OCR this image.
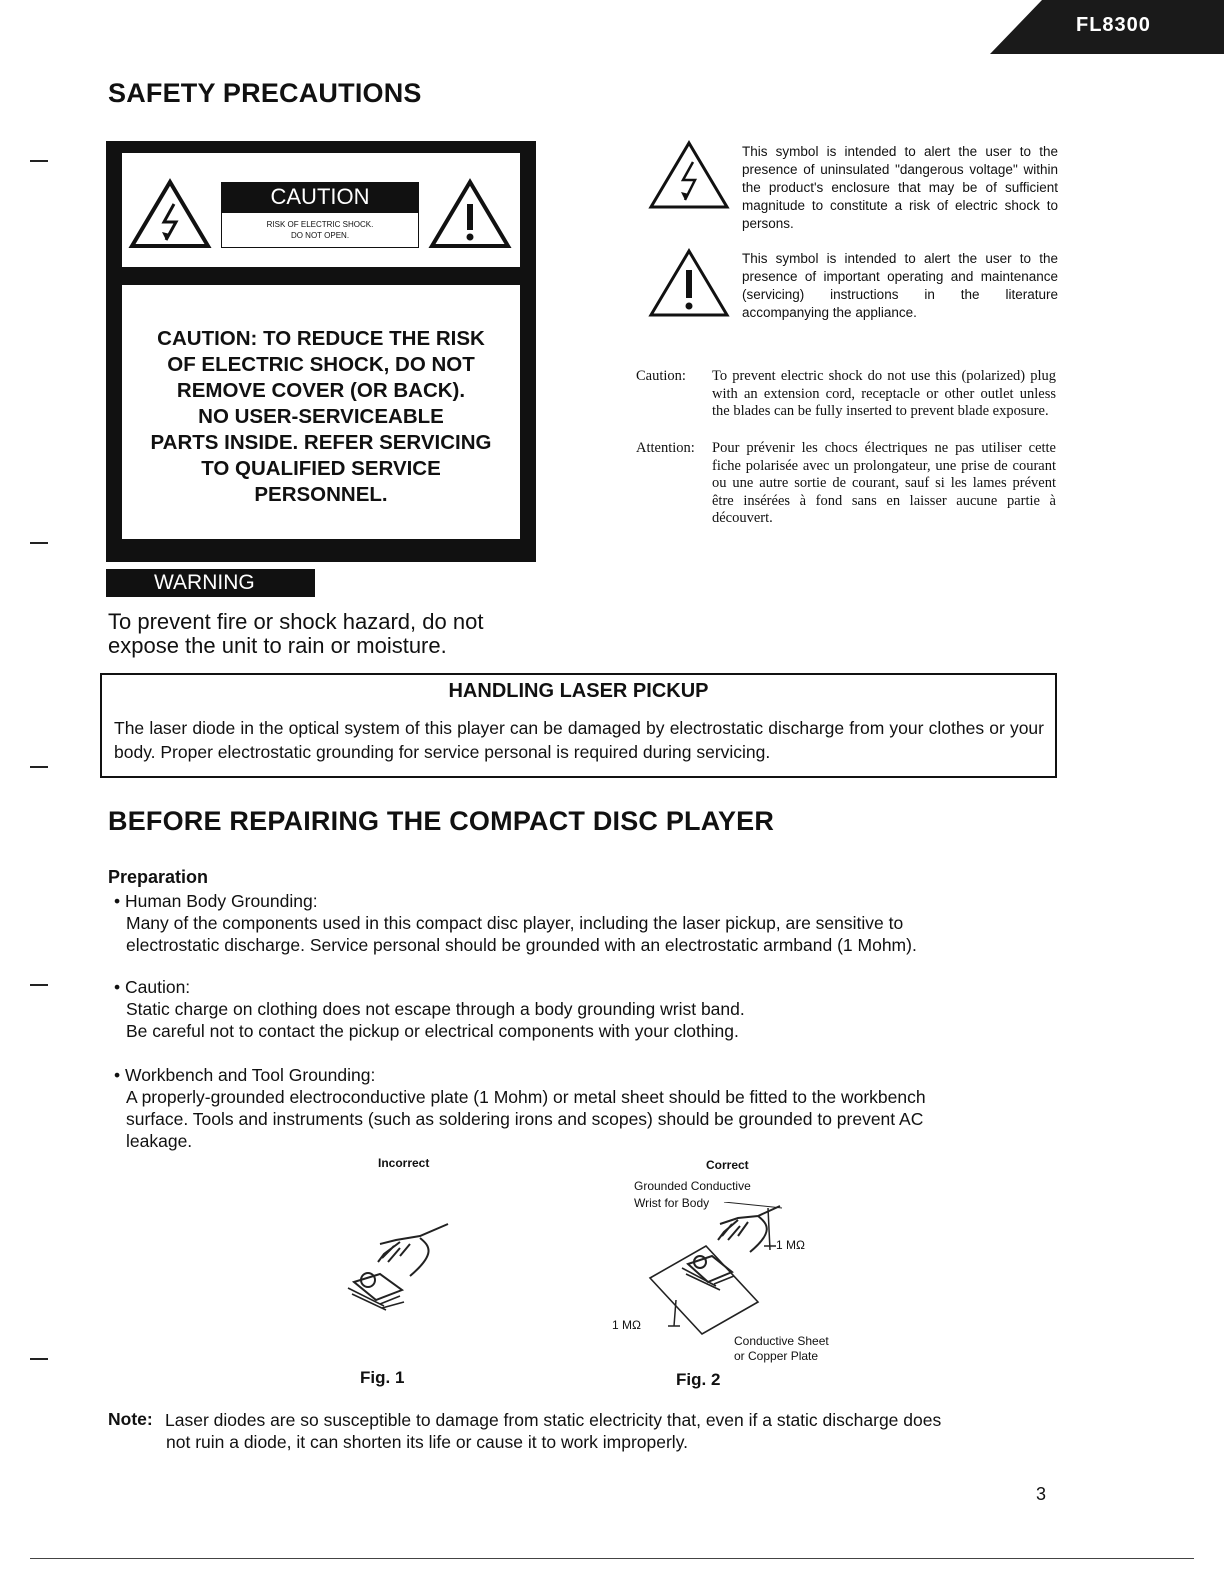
FL8300
SAFETY PRECAUTIONS
CAUTION
RISK OF ELECTRIC SHOCK.
DO NOT OPEN.
CAUTION: TO REDUCE THE RISK
OF ELECTRIC SHOCK, DO NOT
REMOVE COVER (OR BACK).
NO USER-SERVICEABLE
PARTS INSIDE. REFER SERVICING
TO QUALIFIED SERVICE
PERSONNEL.
WARNING
To prevent fire or shock hazard, do not
expose the unit to rain or moisture.
This symbol is intended to alert the user to the presence of uninsulated "dangerous voltage" within the product's enclosure that may be of sufficient magnitude to constitute a risk of electric shock to persons.
This symbol is intended to alert the user to the presence of important operating and maintenance (servicing) instructions in the literature accompanying the appliance.
Caution: To prevent electric shock do not use this (polarized) plug with an extension cord, receptacle or other outlet unless the blades can be fully inserted to prevent blade exposure.
Attention: Pour prévenir les chocs électriques ne pas utiliser cette fiche polarisée avec un prolongateur, une prise de courant ou une autre sortie de courant, sauf si les lames prévent être insérées à fond sans en laisser aucune partie à découvert.
HANDLING LASER PICKUP
The laser diode in the optical system of this player can be damaged by electrostatic discharge from your clothes or your body. Proper electrostatic grounding for service personal is required during servicing.
BEFORE REPAIRING THE COMPACT DISC PLAYER
Preparation
• Human Body Grounding:
Many of the components used in this compact disc player, including the laser pickup, are sensitive to
electrostatic discharge. Service personal should be grounded with an electrostatic armband (1 Mohm).
• Caution:
Static charge on clothing does not escape through a body grounding wrist band.
Be careful not to contact the pickup or electrical components with your clothing.
• Workbench and Tool Grounding:
A properly-grounded electroconductive plate (1 Mohm) or metal sheet should be fitted to the workbench
surface. Tools and instruments (such as soldering irons and scopes) should be grounded to prevent AC
leakage.
Incorrect
Fig. 1
Correct
Grounded Conductive
Wrist for Body
1 MΩ
1 MΩ
Conductive Sheet
or Copper Plate
Fig. 2
Note: Laser diodes are so susceptible to damage from static electricity that, even if a static discharge does
not ruin a diode, it can shorten its life or cause it to work improperly.
3
